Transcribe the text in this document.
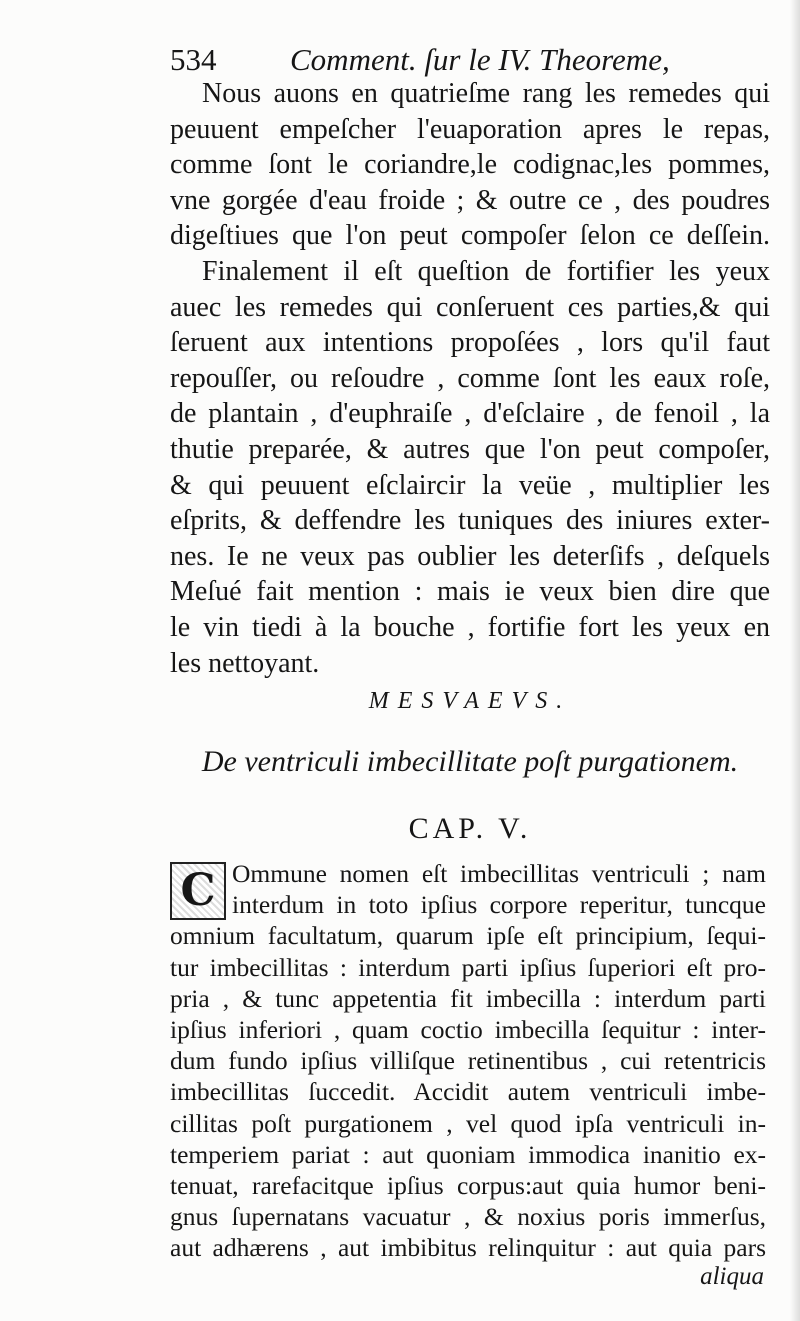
534 Comment. ſur le IV. Theoreme,
Nous auons en quatrieſme rang les remedes qui
peuuent empeſcher l'euaporation apres le repas,
comme ſont le coriandre,le codignac,les pommes,
vne gorgée d'eau froide ; & outre ce , des poudres
digeſtiues que l'on peut compoſer ſelon ce deſſein.
Finalement il eſt queſtion de fortifier les yeux
auec les remedes qui conſeruent ces parties,& qui
ſeruent aux intentions propoſées , lors qu'il faut
repouſſer, ou reſoudre , comme ſont les eaux roſe,
de plantain , d'euphraiſe , d'eſclaire , de fenoil , la
thutie preparée, & autres que l'on peut compoſer,
& qui peuuent eſclaircir la veüe , multiplier les
eſprits, & deffendre les tuniques des iniures exter-
nes. Ie ne veux pas oublier les deterſifs , deſquels
Meſué fait mention : mais ie veux bien dire que
le vin tiedi à la bouche , fortifie fort les yeux en
les nettoyant.
MESVAEVS.
De ventriculi imbecillitate poſt purgationem.
CAP. V.
C Ommune nomen eſt imbecillitas ventriculi ; nam
interdum in toto ipſius corpore reperitur, tuncque
omnium facultatum, quarum ipſe eſt principium, ſequi-
tur imbecillitas : interdum parti ipſius ſuperiori eſt pro-
pria , & tunc appetentia fit imbecilla : interdum parti
ipſius inferiori , quam coctio imbecilla ſequitur : inter-
dum fundo ipſius villiſque retinentibus , cui retentricis
imbecillitas ſuccedit. Accidit autem ventriculi imbe-
cillitas poſt purgationem , vel quod ipſa ventriculi in-
temperiem pariat : aut quoniam immodica inanitio ex-
tenuat, rarefacitque ipſius corpus:aut quia humor beni-
gnus ſupernatans vacuatur , & noxius poris immerſus,
aut adhærens , aut imbibitus relinquitur : aut quia pars
aliqua
